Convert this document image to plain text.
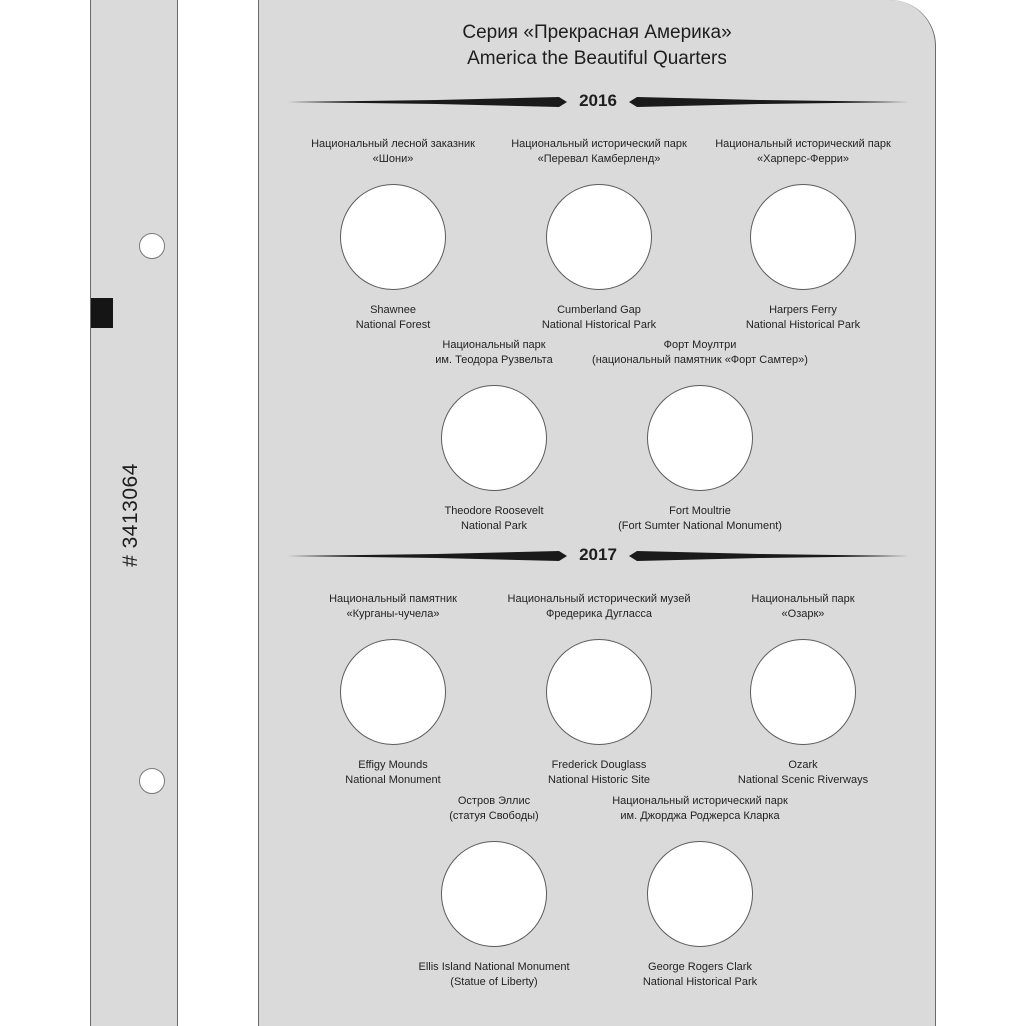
# 3413064
Серия «Прекрасная Америка»
America the Beautiful Quarters
2016
Национальный лесной заказник
«Шони»
Shawnee
National Forest
Национальный исторический парк
«Перевал Камберленд»
Cumberland Gap
National Historical Park
Национальный исторический парк
«Харперс-Ферри»
Harpers Ferry
National Historical Park
Национальный парк
им. Теодора Рузвельта
Theodore Roosevelt
National Park
Форт Моултри
(национальный памятник «Форт Самтер»)
Fort Moultrie
(Fort Sumter National Monument)
2017
Национальный памятник
«Курганы-чучела»
Effigy Mounds
National Monument
Национальный исторический музей
Фредерика Дугласса
Frederick Douglass
National Historic Site
Национальный парк
«Озарк»
Ozark
National Scenic Riverways
Остров Эллис
(статуя Свободы)
Ellis Island National Monument
(Statue of Liberty)
Национальный исторический парк
им. Джорджа Роджерса Кларка
George Rogers Clark
National Historical Park
